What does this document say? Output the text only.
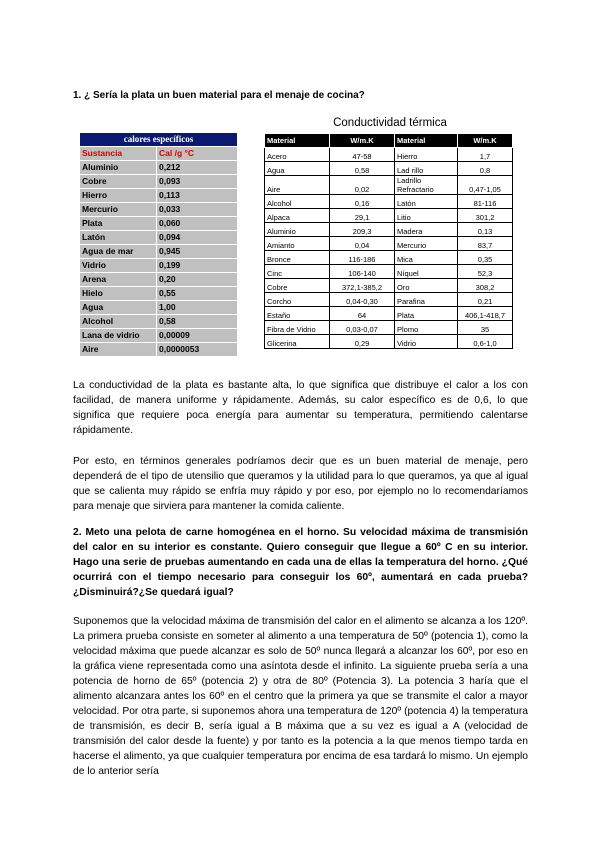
1. ¿ Sería la plata un buen material para el menaje de cocina?
calores específicos	
Sustancia	Cal /g °C
Aluminio	0,212
Cobre	0,093
Hierro	0,113
Mercurio	0,033
Plata	0,060
Latón	0,094
Agua de mar	0,945
Vidrio	0,199
Arena	0,20
Hielo	0,55
Agua	1,00
Alcohol	0,58
Lana de vidrio	0,00009
Aire	0,0000053
Conductividad térmica
Material	W/m.K	Material	W/m.K
Acero	47-58	Hierro	1,7
Agua	0,58	Lad rillo	0,8
Aire	0,02	Ladrillo Refractario	0,47-1,05
Alcohol	0,16	Latón	81-116
Alpaca	29,1	Litio	301,2
Aluminio	209,3	Madera	0,13
Amianto	0,04	Mercurio	83,7
Bronce	116-186	Mica	0,35
Cinc	106-140	Níquel	52,3
Cobre	372,1-385,2	Oro	308,2
Corcho	0,04-0,30	Parafina	0,21
Estaño	64	Plata	406,1-418,7
Fibra de Vidrio	0,03-0,07	Plomo	35
Glicerina	0,29	Vidrio	0,6-1,0
La conductividad de la plata es bastante alta, lo que significa que distribuye el calor a los con facilidad, de manera uniforme y rápidamente. Además, su calor específico es de 0,6, lo que significa que requiere poca energía para aumentar su temperatura, permitiendo calentarse rápidamente.
Por esto, en términos generales podríamos decir que es un buen material de menaje, pero dependerá de el tipo de utensilio que queramos y la utilidad para lo que queramos, ya que al igual que se calienta muy rápido se enfría muy rápido y por eso, por ejemplo no lo recomendaríamos para menaje que sirviera para mantener la comida caliente.
2. Meto una pelota de carne homogénea en el horno. Su velocidad máxima de transmisión del calor en su interior es constante. Quiero conseguir que llegue a 60º C en su interior. Hago una serie de pruebas aumentando en cada una de ellas la temperatura del horno. ¿Qué ocurrirá con el tiempo necesario para conseguir los 60º, aumentará en cada prueba?¿Disminuirá?¿Se quedará igual?
Suponemos que la velocidad máxima de transmisión del calor en el alimento se alcanza a los 120º. La primera prueba consiste en someter al alimento a una temperatura de 50º (potencia 1), como la velocidad máxima que puede alcanzar es solo de 50º nunca llegará a alcanzar los 60º, por eso en la gráfica viene representada como una asíntota desde el infinito. La siguiente prueba sería a una potencia de horno de 65º (potencia 2) y otra de 80º (Potencia 3). La potencia 3 haría que el alimento alcanzara antes los 60º en el centro que la primera ya que se transmite el calor a mayor velocidad. Por otra parte, si suponemos ahora una temperatura de 120º (potencia 4) la temperatura de transmisión, es decir B, sería igual a B máxima que a su vez es igual a A (velocidad de transmisión del calor desde la fuente) y por tanto es la potencia a la que menos tiempo tarda en hacerse el alimento, ya que cualquier temperatura por encima de esa tardará lo mismo. Un ejemplo de lo anterior sería
